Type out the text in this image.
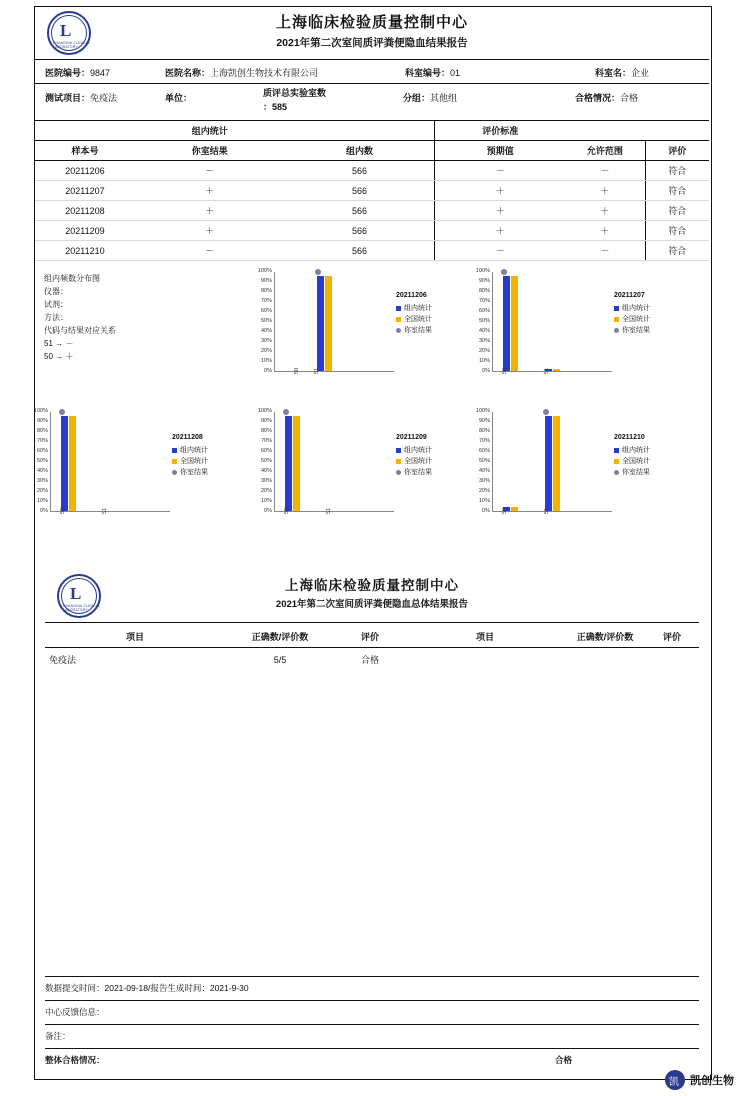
L
SHANGHAI CLINICAL LABORATORY
上海临床检验质量控制中心
2021年第二次室间质评粪便隐血结果报告
医院编号：9847	医院名称：上海凯创生物技术有限公司	科室编号：01	科室名：企业
测试项目：免疫法	单位：	质评总实验室数
：585
分组：其他组	合格情况：合格
	组内统计		评价标准		
样本号	你室结果	组内数	预期值	允许范围	评价
20211206	－	566	－	－	符合
20211207	＋	566	＋	＋	符合
20211208	＋	566	＋	＋	符合
20211209	＋	566	＋	＋	符合
20211210	－	566	－	－	符合
组内频数分布图
仪器：
试剂：
方法：
代码与结果对应关系
51 → －
50 → ＋
100%
90%
80%
70%
60%
50%
40%
30%
20%
10%
0%	50	51
20211206
组内统计
全国统计
你室结果
100%
90%
80%
70%
60%
50%
40%
30%
20%
10%
0% 50	51
20211207
组内统计
全国统计
你室结果
100%
90%
80%
70%
60%
50%
40%
30%
20%
10%
0% 50	51
20211208
组内统计
全国统计
你室结果
100%
90%
80%
70%
60%
50%
40%
30%
20%
10%
0% 50	51
20211209
组内统计
全国统计
你室结果
100%
90%
80%
70%
60%
50%
40%
30%
20%
10%
0% 50	51
20211210
组内统计
全国统计
你室结果
L
SHANGHAI CLINICAL LABORATORY
上海临床检验质量控制中心
2021年第二次室间质评粪便隐血总体结果报告
项目	正确数/评价数	评价	项目	正确数/评价数	评价
免疫法	5/5	合格			
数据提交时间：2021-09-18/报告生成时间：2021-9-30
中心反馈信息：
备注：
整体合格情况：	合格
凯
凯创生物
